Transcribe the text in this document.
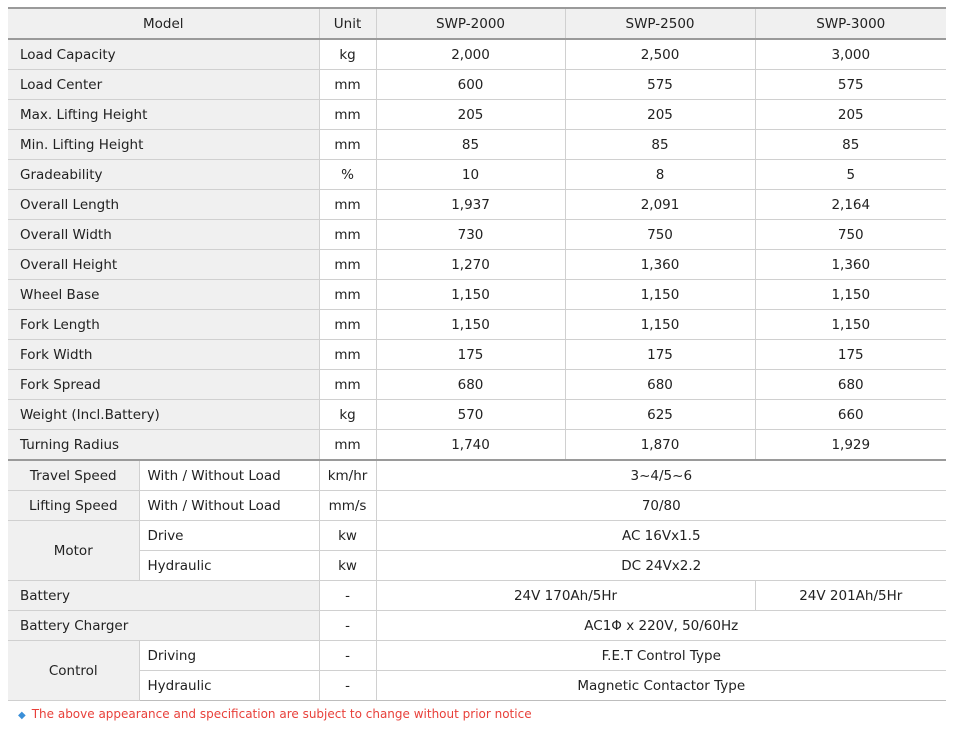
Model		Unit	SWP-2000	SWP-2500	SWP-3000
Load Capacity		kg	2,000	2,500	3,000
Load Center		mm	600	575	575
Max. Lifting Height		mm	205	205	205
Min. Lifting Height		mm	85	85	85
Gradeability		%	10	8	5
Overall Length		mm	1,937	2,091	2,164
Overall Width		mm	730	750	750
Overall Height		mm	1,270	1,360	1,360
Wheel Base		mm	1,150	1,150	1,150
Fork Length		mm	1,150	1,150	1,150
Fork Width		mm	175	175	175
Fork Spread		mm	680	680	680
Weight (Incl.Battery)		kg	570	625	660
Turning Radius		mm	1,740	1,870	1,929
Travel Speed	With / Without Load	km/hr	3~4/5~6		
Lifting Speed	With / Without Load	mm/s	70/80		
Motor	Drive	kw	AC 16Vx1.5		
	Hydraulic	kw	DC 24Vx2.2		
Battery		-	24V 170Ah/5Hr		24V 201Ah/5Hr
Battery Charger		-	AC1Φ x 220V, 50/60Hz		
Control	Driving	-	F.E.T Control Type		
	Hydraulic	-	Magnetic Contactor Type		
◆ The above appearance and specification are subject to change without prior notice
